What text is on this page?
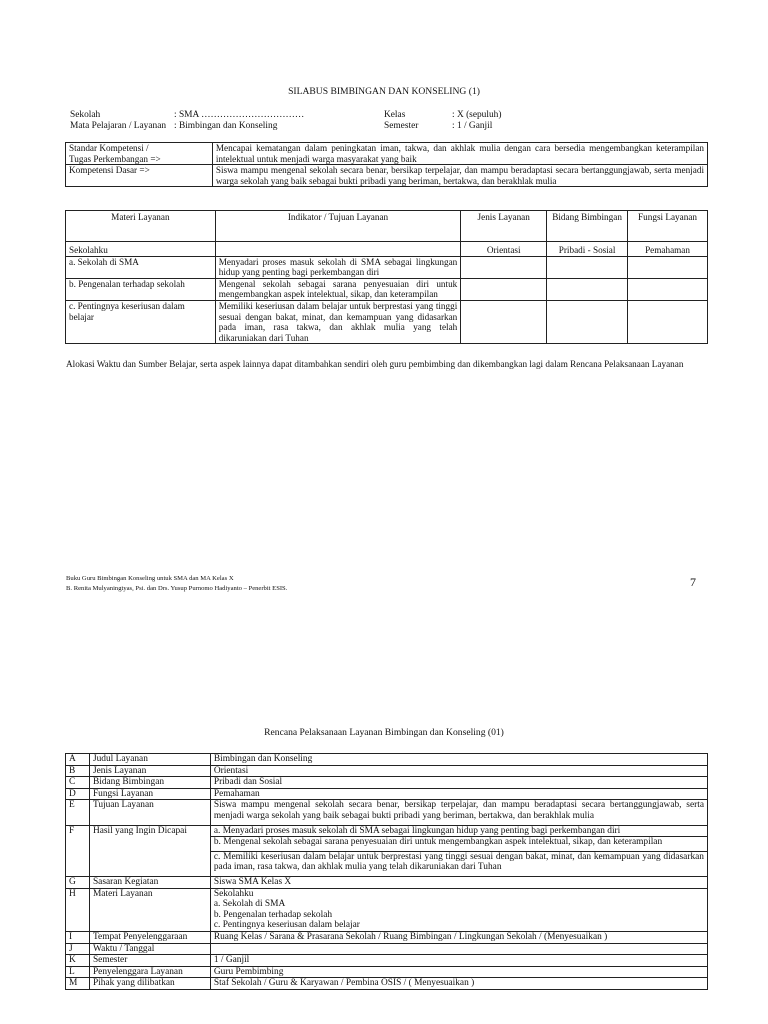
SILABUS BIMBINGAN DAN KONSELING (1)
Sekolah	: SMA ……………………………
Mata Pelajaran / Layanan : Bimbingan dan Konseling
Kelas	: X (sepuluh)
Semester	: 1 / Ganjil
Standar Kompetensi /
Tugas Perkembangan =>	Mencapai kematangan dalam peningkatan iman, takwa, dan akhlak mulia dengan cara bersedia mengembangkan keterampilan intelektual untuk menjadi warga masyarakat yang baik
Kompetensi Dasar =>	Siswa mampu mengenal sekolah secara benar, bersikap terpelajar, dan mampu beradaptasi secara bertanggungjawab, serta menjadi warga sekolah yang baik sebagai bukti pribadi yang beriman, bertakwa, dan berakhlak mulia
Materi Layanan	Indikator / Tujuan Layanan	Jenis Layanan	Bidang Bimbingan	Fungsi Layanan
Sekolahku		Orientasi	Pribadi - Sosial	Pemahaman
a. Sekolah di SMA	Menyadari proses masuk sekolah di SMA sebagai lingkungan hidup yang penting bagi perkembangan diri			
b. Pengenalan terhadap sekolah	Mengenal sekolah sebagai sarana penyesuaian diri untuk mengembangkan aspek intelektual, sikap, dan keterampilan			
c. Pentingnya keseriusan dalam belajar	Memiliki keseriusan dalam belajar untuk berprestasi yang tinggi sesuai dengan bakat, minat, dan kemampuan yang didasarkan pada iman, rasa takwa, dan akhlak mulia yang telah dikaruniakan dari Tuhan			
Alokasi Waktu dan Sumber Belajar, serta aspek lainnya dapat ditambahkan sendiri oleh guru pembimbing dan dikembangkan lagi dalam Rencana Pelaksanaan Layanan
Buku Guru Bimbingan Konseling untuk SMA dan MA Kelas X
B. Renita Mulyaningtyas, Psi. dan Drs. Yusup Purnomo Hadiyanto – Penerbit ESIS.	7
Rencana Pelaksanaan Layanan Bimbingan dan Konseling (01)
A	Judul Layanan	Bimbingan dan Konseling
B	Jenis Layanan	Orientasi
C	Bidang Bimbingan	Pribadi dan Sosial
D	Fungsi Layanan	Pemahaman
E	Tujuan Layanan	Siswa mampu mengenal sekolah secara benar, bersikap terpelajar, dan mampu beradaptasi secara bertanggungjawab, serta menjadi warga sekolah yang baik sebagai bukti pribadi yang beriman, bertakwa, dan berakhlak mulia
F	Hasil yang Ingin Dicapai	a. Menyadari proses masuk sekolah di SMA sebagai lingkungan hidup yang penting bagi perkembangan diri
		b. Mengenal sekolah sebagai sarana penyesuaian diri untuk mengembangkan aspek intelektual, sikap, dan keterampilan
		c. Memiliki keseriusan dalam belajar untuk berprestasi yang tinggi sesuai dengan bakat, minat, dan kemampuan yang didasarkan pada iman, rasa takwa, dan akhlak mulia yang telah dikaruniakan dari Tuhan
G	Sasaran Kegiatan	Siswa SMA Kelas X
H	Materi Layanan	Sekolahku
a. Sekolah di SMA
b. Pengenalan terhadap sekolah
c. Pentingnya keseriusan dalam belajar

I	Tempat Penyelenggaraan	Ruang Kelas / Sarana & Prasarana Sekolah / Ruang Bimbingan / Lingkungan Sekolah / (Menyesuaikan )
J	Waktu / Tanggal	
K	Semester	1 / Ganjil
L	Penyelenggara Layanan	Guru Pembimbing
M	Pihak yang dilibatkan	Staf Sekolah / Guru & Karyawan / Pembina OSIS / ( Menyesuaikan )
